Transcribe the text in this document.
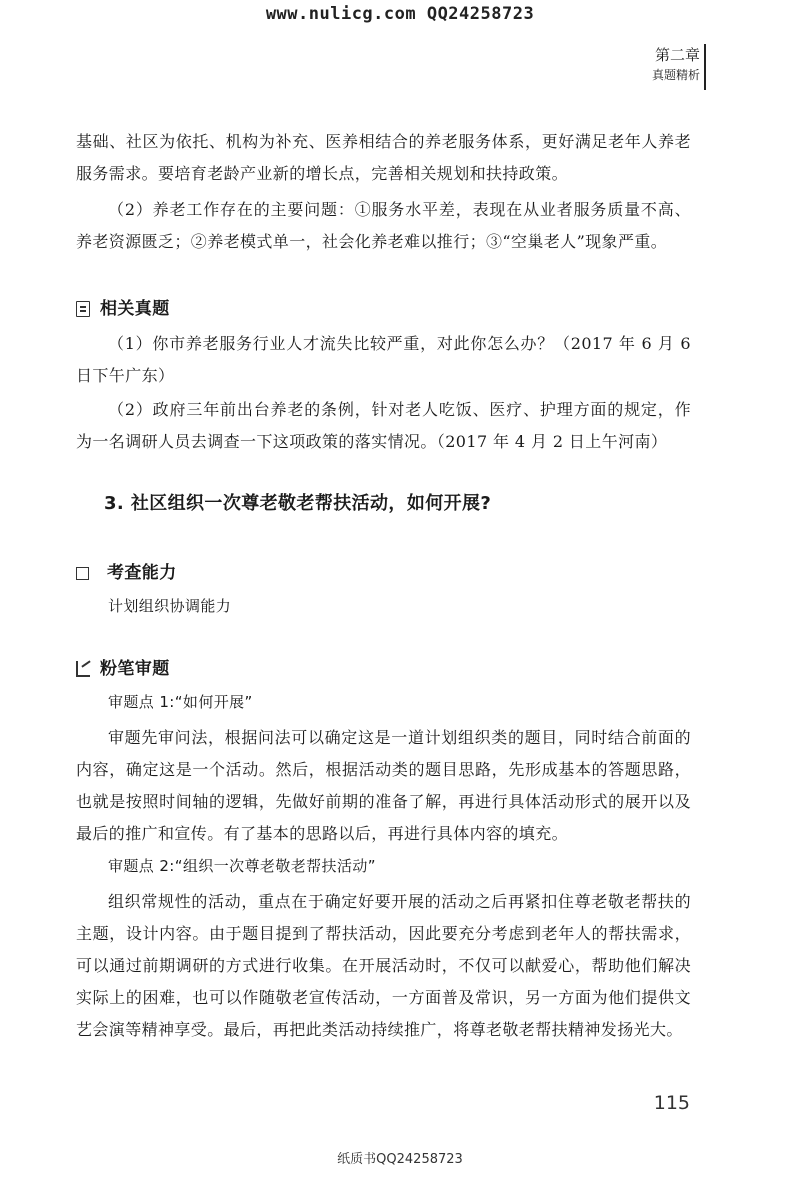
www.nulicg.com QQ24258723
第二章
真题精析

基础、社区为依托、机构为补充、医养相结合的养老服务体系，更好满足老年人养老服务需求。要培育老龄产业新的增长点，完善相关规划和扶持政策。

（2）养老工作存在的主要问题：①服务水平差，表现在从业者服务质量不高、养老资源匮乏；②养老模式单一，社会化养老难以推行；③“空巢老人”现象严重。

相关真题

（1）你市养老服务行业人才流失比较严重，对此你怎么办？（2017 年 6 月 6 日下午广东）

（2）政府三年前出台养老的条例，针对老人吃饭、医疗、护理方面的规定，作为一名调研人员去调查一下这项政策的落实情况。（2017 年 4 月 2 日上午河南）

3. 社区组织一次尊老敬老帮扶活动，如何开展?

考查能力

计划组织协调能力

粉笔审题

审题点 1:“如何开展”

审题先审问法，根据问法可以确定这是一道计划组织类的题目，同时结合前面的内容，确定这是一个活动。然后，根据活动类的题目思路，先形成基本的答题思路，也就是按照时间轴的逻辑，先做好前期的准备了解，再进行具体活动形式的展开以及最后的推广和宣传。有了基本的思路以后，再进行具体内容的填充。

审题点 2:“组织一次尊老敬老帮扶活动”

组织常规性的活动，重点在于确定好要开展的活动之后再紧扣住尊老敬老帮扶的主题，设计内容。由于题目提到了帮扶活动，因此要充分考虑到老年人的帮扶需求，可以通过前期调研的方式进行收集。在开展活动时，不仅可以献爱心，帮助他们解决实际上的困难，也可以作随敬老宣传活动，一方面普及常识，另一方面为他们提供文艺会演等精神享受。最后，再把此类活动持续推广，将尊老敬老帮扶精神发扬光大。

115
纸质书QQ24258723
